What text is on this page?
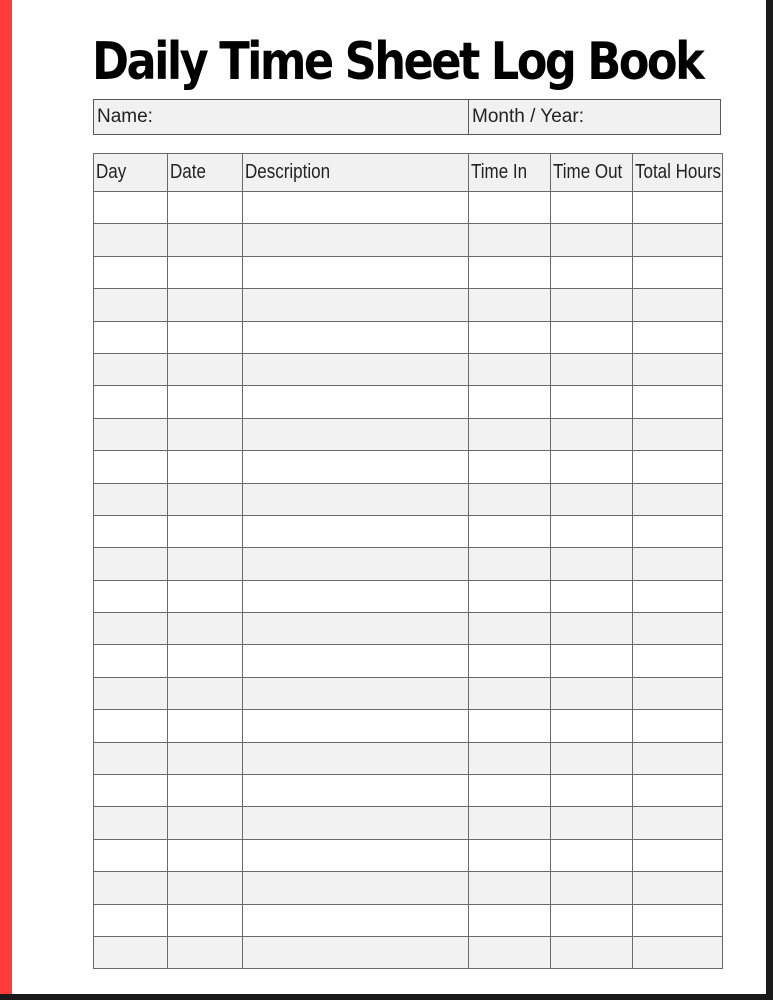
Daily Time Sheet Log Book
Name:	Month / Year:
Day	Date	Description	Time In	Time Out	Total Hours
